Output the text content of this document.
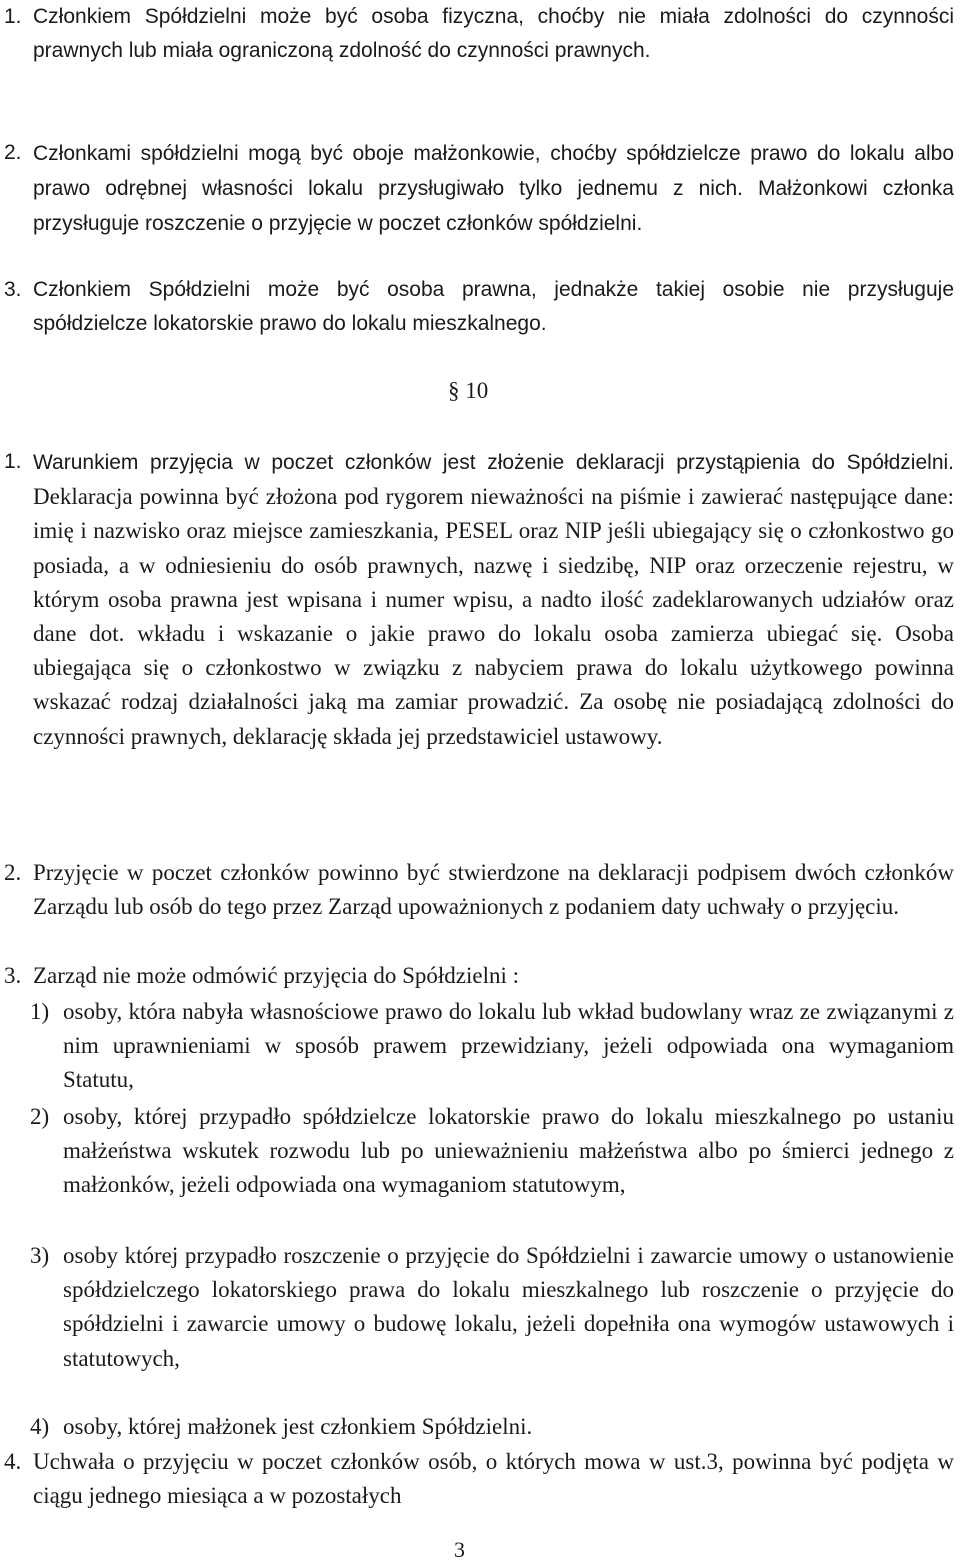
1. Członkiem Spółdzielni może być osoba fizyczna, choćby nie miała zdolności do czynności prawnych lub miała ograniczoną zdolność do czynności prawnych.
2. Członkami spółdzielni mogą być oboje małżonkowie, choćby spółdzielcze prawo do lokalu albo prawo odrębnej własności lokalu przysługiwało tylko jednemu z nich. Małżonkowi członka przysługuje roszczenie o przyjęcie w poczet członków spółdzielni.
3. Członkiem Spółdzielni może być osoba prawna, jednakże takiej osobie nie przysługuje spółdzielcze lokatorskie prawo do lokalu mieszkalnego.
§ 10
1. Warunkiem przyjęcia w poczet członków jest złożenie deklaracji przystąpienia do Spółdzielni. Deklaracja powinna być złożona pod rygorem nieważności na piśmie i zawierać następujące dane: imię i nazwisko oraz miejsce zamieszkania, PESEL oraz NIP jeśli ubiegający się o członkostwo go posiada, a w odniesieniu do osób prawnych, nazwę i siedzibę, NIP oraz orzeczenie rejestru, w którym osoba prawna jest wpisana i numer wpisu, a nadto ilość zadeklarowanych udziałów oraz dane dot. wkładu i wskazanie o jakie prawo do lokalu osoba zamierza ubiegać się. Osoba ubiegająca się o członkostwo w związku z nabyciem prawa do lokalu użytkowego powinna wskazać rodzaj działalności jaką ma zamiar prowadzić. Za osobę nie posiadającą zdolności do czynności prawnych, deklarację składa jej przedstawiciel ustawowy.
2. Przyjęcie w poczet członków powinno być stwierdzone na deklaracji podpisem dwóch członków Zarządu lub osób do tego przez Zarząd upoważnionych z podaniem daty uchwały o przyjęciu.
3. Zarząd nie może odmówić przyjęcia do Spółdzielni :
1) osoby, która nabyła własnościowe prawo do lokalu lub wkład budowlany wraz ze związanymi z nim uprawnieniami w sposób prawem przewidziany, jeżeli odpowiada ona wymaganiom Statutu,
2) osoby, której przypadło spółdzielcze lokatorskie prawo do lokalu mieszkalnego po ustaniu małżeństwa wskutek rozwodu lub po unieważnieniu małżeństwa albo po śmierci jednego z małżonków, jeżeli odpowiada ona wymaganiom statutowym,
3) osoby której przypadło roszczenie o przyjęcie do Spółdzielni i zawarcie umowy o ustanowienie spółdzielczego lokatorskiego prawa do lokalu mieszkalnego lub roszczenie o przyjęcie do spółdzielni i zawarcie umowy o budowę lokalu, jeżeli dopełniła ona wymogów ustawowych i statutowych,
4) osoby, której małżonek jest członkiem Spółdzielni.
4. Uchwała o przyjęciu w poczet członków osób, o których mowa w ust.3, powinna być podjęta w ciągu jednego miesiąca a w pozostałych
3
